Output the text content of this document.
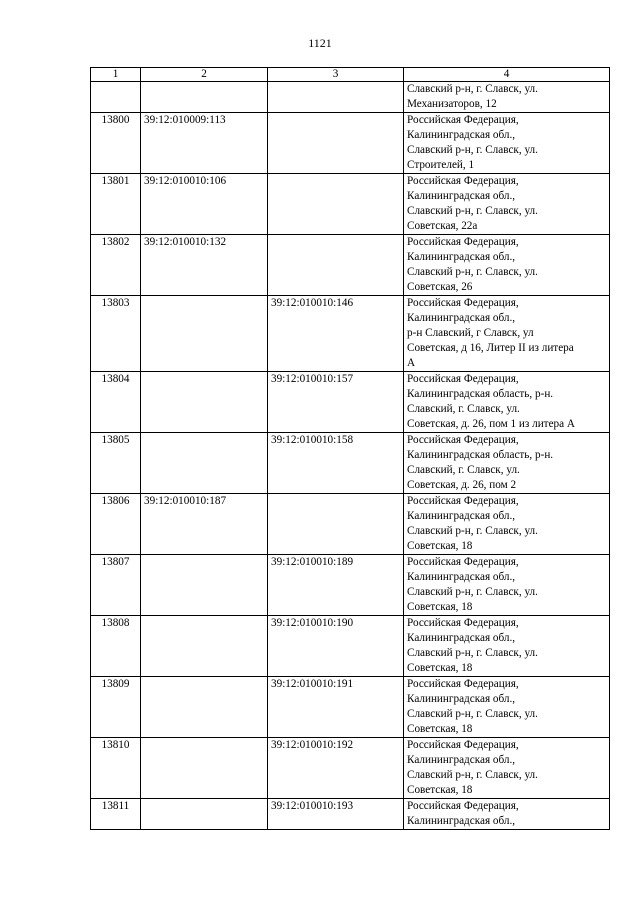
1121
1	2	3	4

			Славский р-н, г. Славск, ул.
Механизаторов, 12

13800	39:12:010009:113		Российская Федерация,
Калининградская обл.,
Славский р-н, г. Славск, ул.
Строителей, 1

13801	39:12:010010:106		Российская Федерация,
Калининградская обл.,
Славский р-н, г. Славск, ул.
Советская, 22а

13802	39:12:010010:132		Российская Федерация,
Калининградская обл.,
Славский р-н, г. Славск, ул.
Советская, 26

13803		39:12:010010:146	Российская Федерация,
Калининградская обл.,
р-н Славский, г Славск, ул
Советская, д 16, Литер II из литера
А

13804		39:12:010010:157	Российская Федерация,
Калининградская область, р-н.
Славский, г. Славск, ул.
Советская, д. 26, пом 1 из литера А

13805		39:12:010010:158	Российская Федерация,
Калининградская область, р-н.
Славский, г. Славск, ул.
Советская, д. 26, пом 2

13806	39:12:010010:187		Российская Федерация,
Калининградская обл.,
Славский р-н, г. Славск, ул.
Советская, 18

13807		39:12:010010:189	Российская Федерация,
Калининградская обл.,
Славский р-н, г. Славск, ул.
Советская, 18

13808		39:12:010010:190	Российская Федерация,
Калининградская обл.,
Славский р-н, г. Славск, ул.
Советская, 18

13809		39:12:010010:191	Российская Федерация,
Калининградская обл.,
Славский р-н, г. Славск, ул.
Советская, 18

13810		39:12:010010:192	Российская Федерация,
Калининградская обл.,
Славский р-н, г. Славск, ул.
Советская, 18

13811		39:12:010010:193	Российская Федерация,
Калининградская обл.,
